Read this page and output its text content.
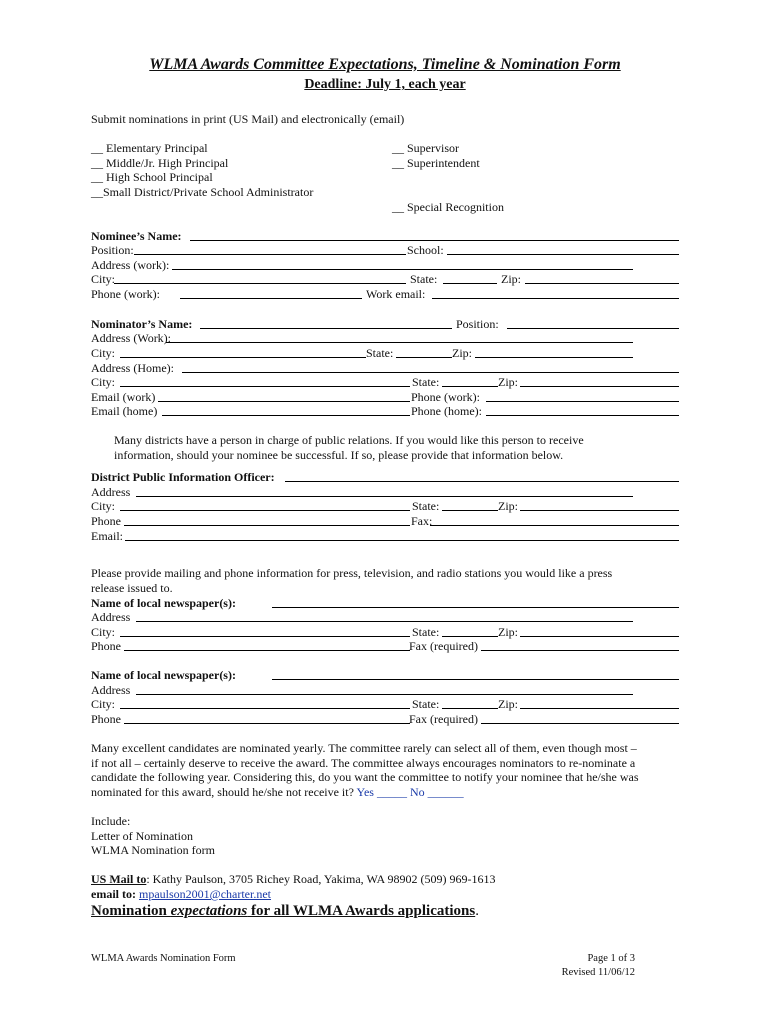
WLMA Awards Committee Expectations, Timeline & Nomination Form
Deadline: July 1, each year
Submit nominations in print (US Mail) and electronically (email)
__ Elementary Principal
__ Middle/Jr. High Principal
__ High School Principal
__Small District/Private School Administrator
__ Supervisor
__ Superintendent
__ Special Recognition
Nominee’s Name:
Position:	School:
Address (work):
City:	State:	Zip:
Phone (work):	Work email:
Nominator’s Name:	Position:
Address (Work):
City:	State:	Zip:
Address (Home):
City:	State:	Zip:
Email (work)	Phone (work):
Email (home)	Phone (home):
Many districts have a person in charge of public relations. If you would like this person to receive
information, should your nominee be successful. If so, please provide that information below.
District Public Information Officer:
Address
City:	State:	Zip:
Phone	Fax:
Email:
Please provide mailing and phone information for press, television, and radio stations you would like a press
release issued to.
Name of local newspaper(s):
Address
City:	State:	Zip:
Phone	Fax (required)
Name of local newspaper(s):
Address
City:	State:	Zip:
Phone	Fax (required)
Many excellent candidates are nominated yearly. The committee rarely can select all of them, even though most –
if not all – certainly deserve to receive the award. The committee always encourages nominators to re-nominate a
candidate the following year. Considering this, do you want the committee to notify your nominee that he/she was
nominated for this award, should he/she not receive it? Yes _____ No ______
Include:
Letter of Nomination
WLMA Nomination form
US Mail to: Kathy Paulson, 3705 Richey Road, Yakima, WA 98902 (509) 969-1613
email to: mpaulson2001@charter.net
Nomination expectations for all WLMA Awards applications.
WLMA Awards Nomination Form	Page 1 of 3
Revised 11/06/12
